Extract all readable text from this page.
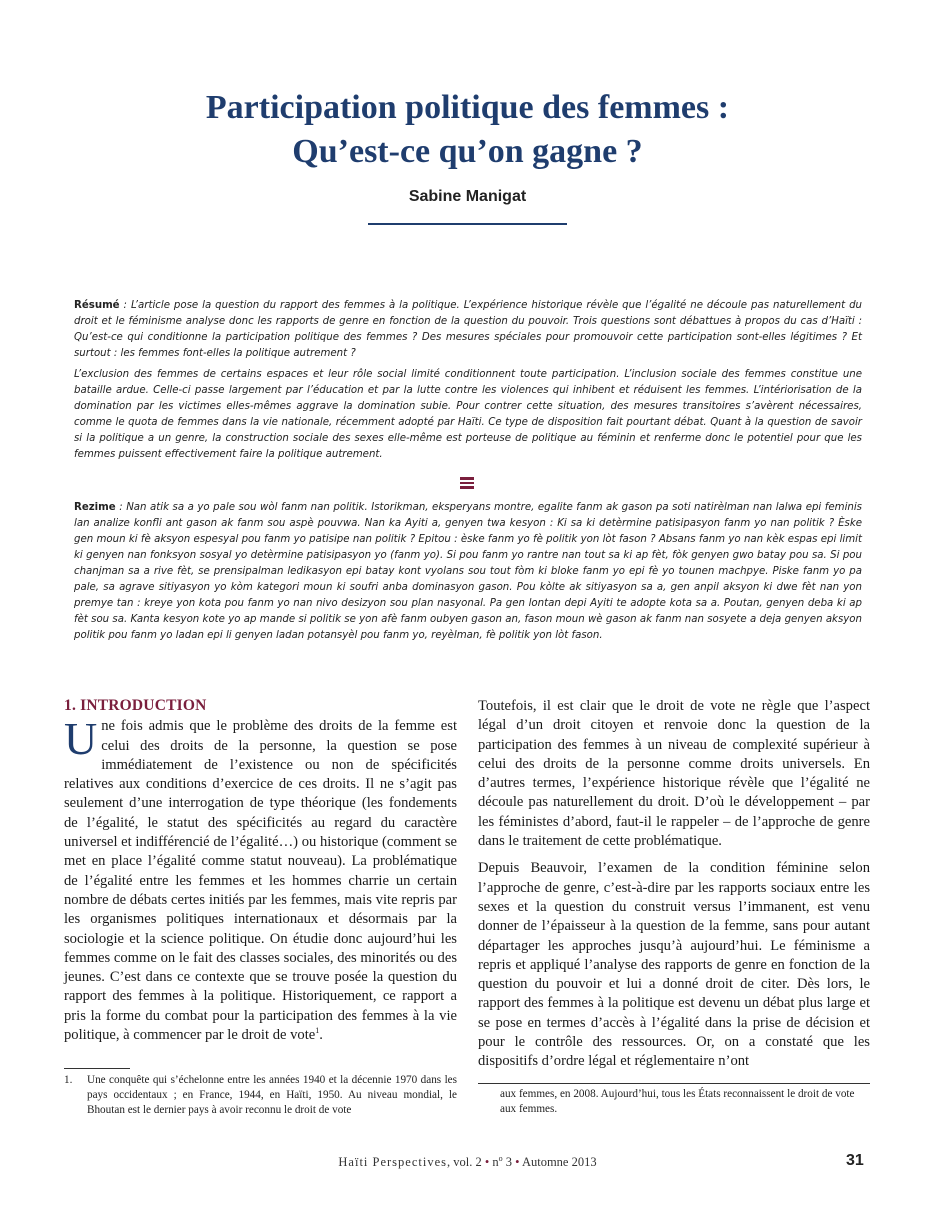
Participation politique des femmes :
Qu’est-ce qu’on gagne ?
Sabine Manigat

Résumé : L’article pose la question du rapport des femmes à la politique. L’expérience historique révèle que l’égalité ne découle pas naturellement du droit et le féminisme analyse donc les rapports de genre en fonction de la question du pouvoir. Trois questions sont débattues à propos du cas d’Haïti : Qu’est-ce qui conditionne la participation politique des femmes ? Des mesures spéciales pour promouvoir cette participation sont-elles légitimes ? Et surtout : les femmes font-elles la politique autrement ?

L’exclusion des femmes de certains espaces et leur rôle social limité conditionnent toute participation. L’inclusion sociale des femmes constitue une bataille ardue. Celle-ci passe largement par l’éducation et par la lutte contre les violences qui inhibent et réduisent les femmes. L’intériorisation de la domination par les victimes elles-mêmes aggrave la domination subie. Pour contrer cette situation, des mesures transitoires s’avèrent nécessaires, comme le quota de femmes dans la vie nationale, récemment adopté par Haïti. Ce type de disposition fait pourtant débat. Quant à la question de savoir si la politique a un genre, la construction sociale des sexes elle-même est porteuse de politique au féminin et renferme donc le potentiel pour que les femmes puissent effectivement faire la politique autrement.

Rezime : Nan atik sa a yo pale sou wòl fanm nan politik. Istorikman, eksperyans montre, egalite fanm ak gason pa soti natirèlman nan lalwa epi feminis lan analize konfli ant gason ak fanm sou aspè pouvwa. Nan ka Ayiti a, genyen twa kesyon : Ki sa ki detèrmine patisipasyon fanm yo nan politik ? Èske gen moun ki fè aksyon espesyal pou fanm yo patisipe nan politik ? Epitou : èske fanm yo fè politik yon lòt fason ? Absans fanm yo nan kèk espas epi limit ki genyen nan fonksyon sosyal yo detèrmine patisipasyon yo (fanm yo). Si pou fanm yo rantre nan tout sa ki ap fèt, fòk genyen gwo batay pou sa. Si pou chanjman sa a rive fèt, se prensipalman ledikasyon epi batay kont vyolans sou tout fòm ki bloke fanm yo epi fè yo tounen machpye. Piske fanm yo pa pale, sa agrave sitiyasyon yo kòm kategori moun ki soufri anba dominasyon gason. Pou kòlte ak sitiyasyon sa a, gen anpil aksyon ki dwe fèt nan yon premye tan : kreye yon kota pou fanm yo nan nivo desizyon sou plan nasyonal. Pa gen lontan depi Ayiti te adopte kota sa a. Poutan, genyen deba ki ap fèt sou sa. Kanta kesyon kote yo ap mande si politik se yon afè fanm oubyen gason an, fason moun wè gason ak fanm nan sosyete a deja genyen aksyon politik pou fanm yo ladan epi li genyen ladan potansyèl pou fanm yo, reyèlman, fè politik yon lòt fason.

1. INTRODUCTION

Une fois admis que le problème des droits de la femme est celui des droits de la personne, la question se pose immédiatement de l’existence ou non de spécificités relatives aux conditions d’exercice de ces droits. Il ne s’agit pas seulement d’une interrogation de type théorique (les fondements de l’égalité, le statut des spécificités au regard du caractère universel et indifférencié de l’égalité…) ou historique (comment se met en place l’égalité comme statut nouveau). La problématique de l’égalité entre les femmes et les hommes charrie un certain nombre de débats certes initiés par les femmes, mais vite repris par les organismes politiques internationaux et désormais par la sociologie et la science politique. On étudie donc aujourd’hui les femmes comme on le fait des classes sociales, des minorités ou des jeunes. C’est dans ce contexte que se trouve posée la question du rapport des femmes à la politique. Historiquement, ce rapport a pris la forme du combat pour la participation des femmes à la vie politique, à commencer par le droit de vote$^1$.

Toutefois, il est clair que le droit de vote ne règle que l’aspect légal d’un droit citoyen et renvoie donc la question de la participation des femmes à un niveau de complexité supérieur à celui des droits de la personne comme droits universels. En d’autres termes, l’expérience historique révèle que l’égalité ne découle pas naturellement du droit. D’où le développement – par les féministes d’abord, faut-il le rappeler – de l’approche de genre dans le traitement de cette problématique.

Depuis Beauvoir, l’examen de la condition féminine selon l’approche de genre, c’est-à-dire par les rapports sociaux entre les sexes et la question du construit versus l’immanent, est venu donner de l’épaisseur à la question de la femme, sans pour autant départager les approches jusqu’à aujourd’hui. Le féminisme a repris et appliqué l’analyse des rapports de genre en fonction de la question du pouvoir et lui a donné droit de citer. Dès lors, le rapport des femmes à la politique est devenu un débat plus large et se pose en termes d’accès à l’égalité dans la prise de décision et pour le contrôle des ressources. Or, on a constaté que les dispositifs d’ordre légal et réglementaire n’ont

1. Une conquête qui s’échelonne entre les années 1940 et la décennie 1970 dans les pays occidentaux ; en France, 1944, en Haïti, 1950. Au niveau mondial, le Bhoutan est le dernier pays à avoir reconnu le droit de vote
aux femmes, en 2008. Aujourd’hui, tous les États reconnaissent le droit de vote aux femmes.
Haïti Perspectives, vol. 2 • $n^o$ 3 • Automne 2013	31
